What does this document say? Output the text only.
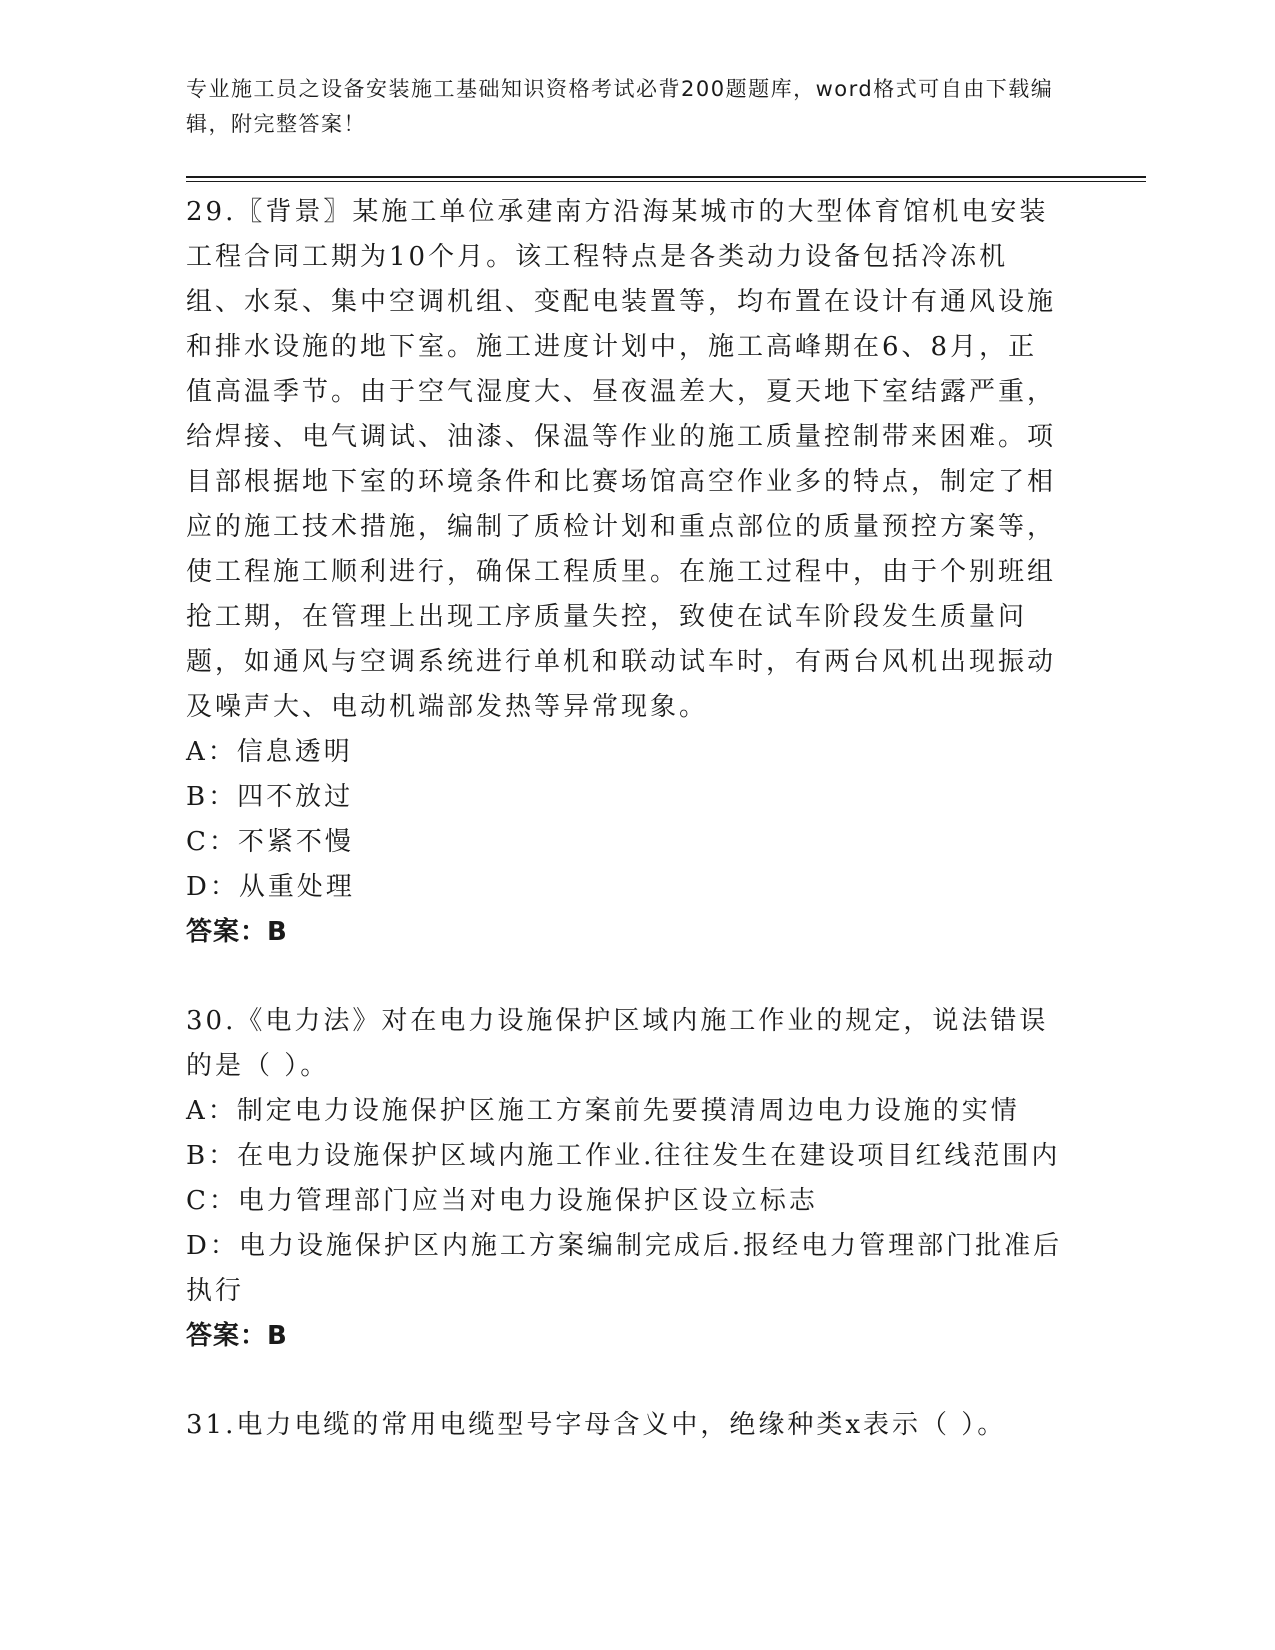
专业施工员之设备安装施工基础知识资格考试必背200题题库，word格式可自由下载编辑，附完整答案！
29.〖背景〗某施工单位承建南方沿海某城市的大型体育馆机电安装工程合同工期为10个月。该工程特点是各类动力设备包括冷冻机组、水泵、集中空调机组、变配电装置等，均布置在设计有通风设施和排水设施的地下室。施工进度计划中，施工高峰期在6、8月，正值高温季节。由于空气湿度大、昼夜温差大，夏天地下室结露严重，给焊接、电气调试、油漆、保温等作业的施工质量控制带来困难。项目部根据地下室的环境条件和比赛场馆高空作业多的特点，制定了相应的施工技术措施，编制了质检计划和重点部位的质量预控方案等，使工程施工顺利进行，确保工程质里。在施工过程中，由于个别班组抢工期，在管理上出现工序质量失控，致使在试车阶段发生质量问题，如通风与空调系统进行单机和联动试车时，有两台风机出现振动及噪声大、电动机端部发热等异常现象。
A：信息透明
B：四不放过
C：不紧不慢
D：从重处理
答案：B
30.《电力法》对在电力设施保护区域内施工作业的规定，说法错误的是（ ）。
A：制定电力设施保护区施工方案前先要摸清周边电力设施的实情
B：在电力设施保护区域内施工作业.往往发生在建设项目红线范围内
C：电力管理部门应当对电力设施保护区设立标志
D：电力设施保护区内施工方案编制完成后.报经电力管理部门批准后执行
答案：B
31.电力电缆的常用电缆型号字母含义中，绝缘种类x表示（ ）。
